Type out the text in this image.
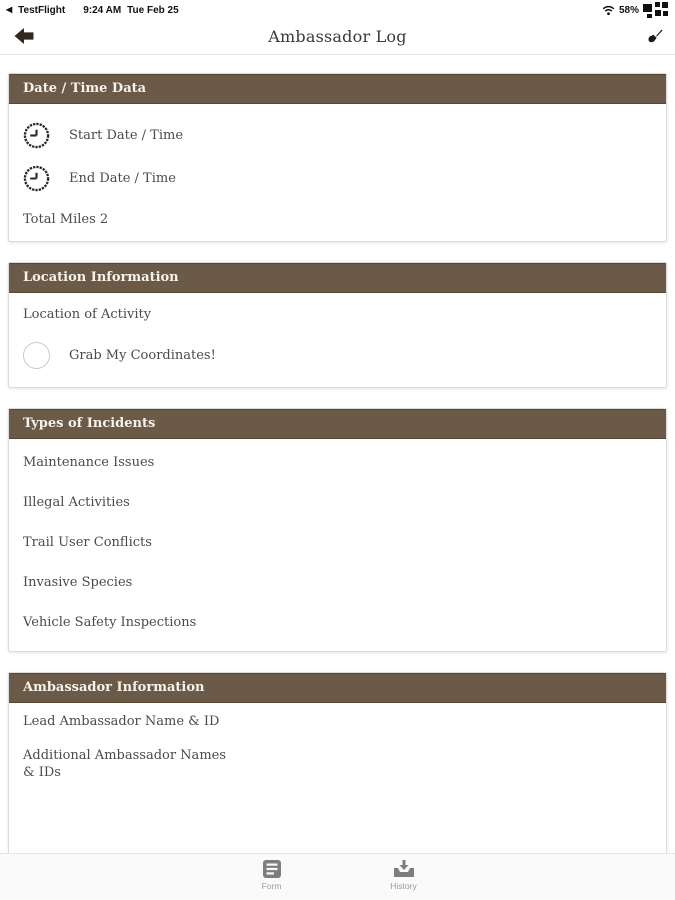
◀ TestFlight 9:24 AM Tue Feb 25	58%
Ambassador Log
Date / Time Data
Start Date / Time
End Date / Time
Total Miles 2
Location Information
Location of Activity
Grab My Coordinates!
Types of Incidents
Maintenance Issues
Illegal Activities
Trail User Conflicts
Invasive Species
Vehicle Safety Inspections
Ambassador Information
Lead Ambassador Name & ID
Additional Ambassador Names & IDs
Form	History
